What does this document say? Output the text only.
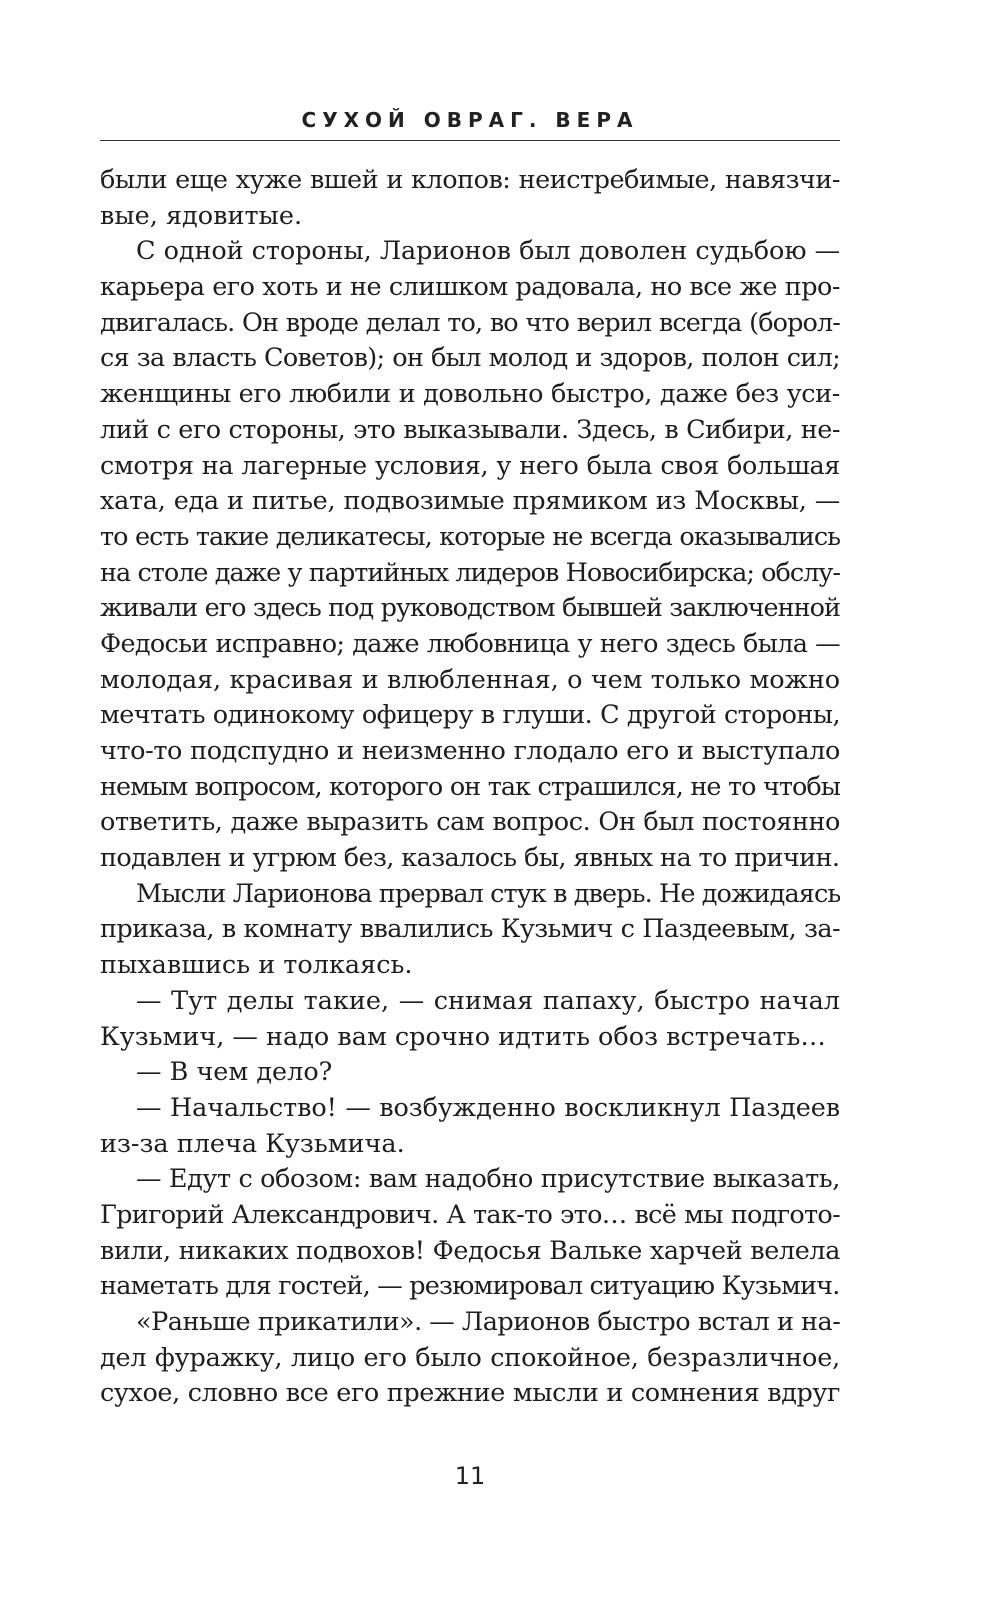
СУХОЙ ОВРАГ. ВЕРА
были еще хуже вшей и клопов: неистребимые, навязчи-
вые, ядовитые.
С одной стороны, Ларионов был доволен судьбою —
карьера его хоть и не слишком радовала, но все же про-
двигалась. Он вроде делал то, во что верил всегда (борол-
ся за власть Советов); он был молод и здоров, полон сил;
женщины его любили и довольно быстро, даже без уси-
лий с его стороны, это выказывали. Здесь, в Сибири, не-
смотря на лагерные условия, у него была своя большая
хата, еда и питье, подвозимые прямиком из Москвы, —
то есть такие деликатесы, которые не всегда оказывались
на столе даже у партийных лидеров Новосибирска; обслу-
живали его здесь под руководством бывшей заключенной
Федосьи исправно; даже любовница у него здесь была —
молодая, красивая и влюбленная, о чем только можно
мечтать одинокому офицеру в глуши. С другой стороны,
что-то подспудно и неизменно глодало его и выступало
немым вопросом, которого он так страшился, не то чтобы
ответить, даже выразить сам вопрос. Он был постоянно
подавлен и угрюм без, казалось бы, явных на то причин.
Мысли Ларионова прервал стук в дверь. Не дожидаясь
приказа, в комнату ввалились Кузьмич с Паздеевым, за-
пыхавшись и толкаясь.
— Тут делы такие, — снимая папаху, быстро начал
Кузьмич, — надо вам срочно идтить обоз встречать…
— В чем дело?
— Начальство! — возбужденно воскликнул Паздеев
из-за плеча Кузьмича.
— Едут с обозом: вам надобно присутствие выказать,
Григорий Александрович. А так-то это… всё мы подгото-
вили, никаких подвохов! Федосья Вальке харчей велела
наметать для гостей, — резюмировал ситуацию Кузьмич.
«Раньше прикатили». — Ларионов быстро встал и на-
дел фуражку, лицо его было спокойное, безразличное,
сухое, словно все его прежние мысли и сомнения вдруг
11
